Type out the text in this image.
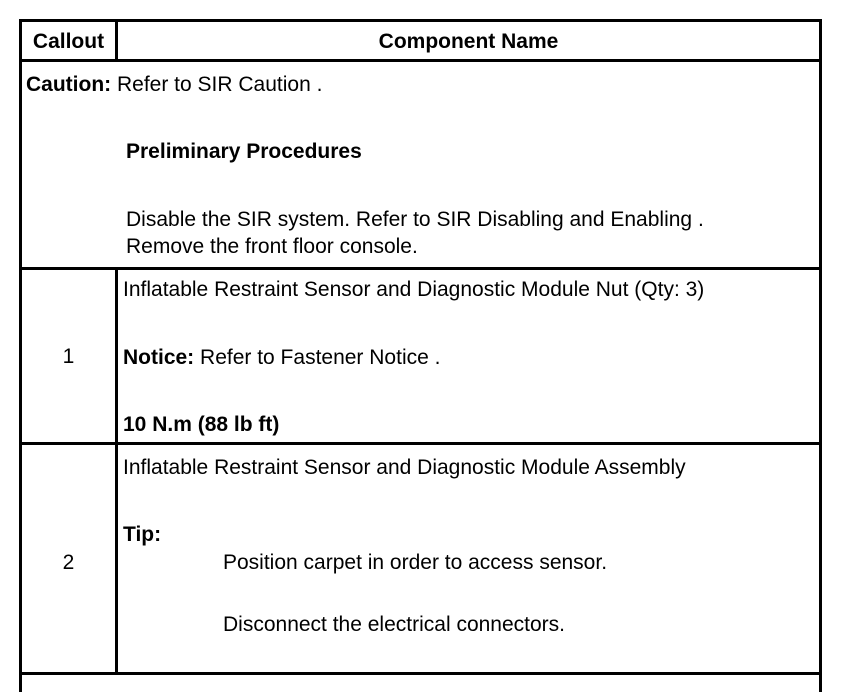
Callout	Component Name
Caution: Refer to SIR Caution .
Preliminary Procedures
Disable the SIR system. Refer to SIR Disabling and Enabling .
Remove the front floor console.
1
Inflatable Restraint Sensor and Diagnostic Module Nut (Qty: 3)
Notice: Refer to Fastener Notice .
10 N.m (88 lb ft)
2
Inflatable Restraint Sensor and Diagnostic Module Assembly
Tip:
Position carpet in order to access sensor.
Disconnect the electrical connectors.
